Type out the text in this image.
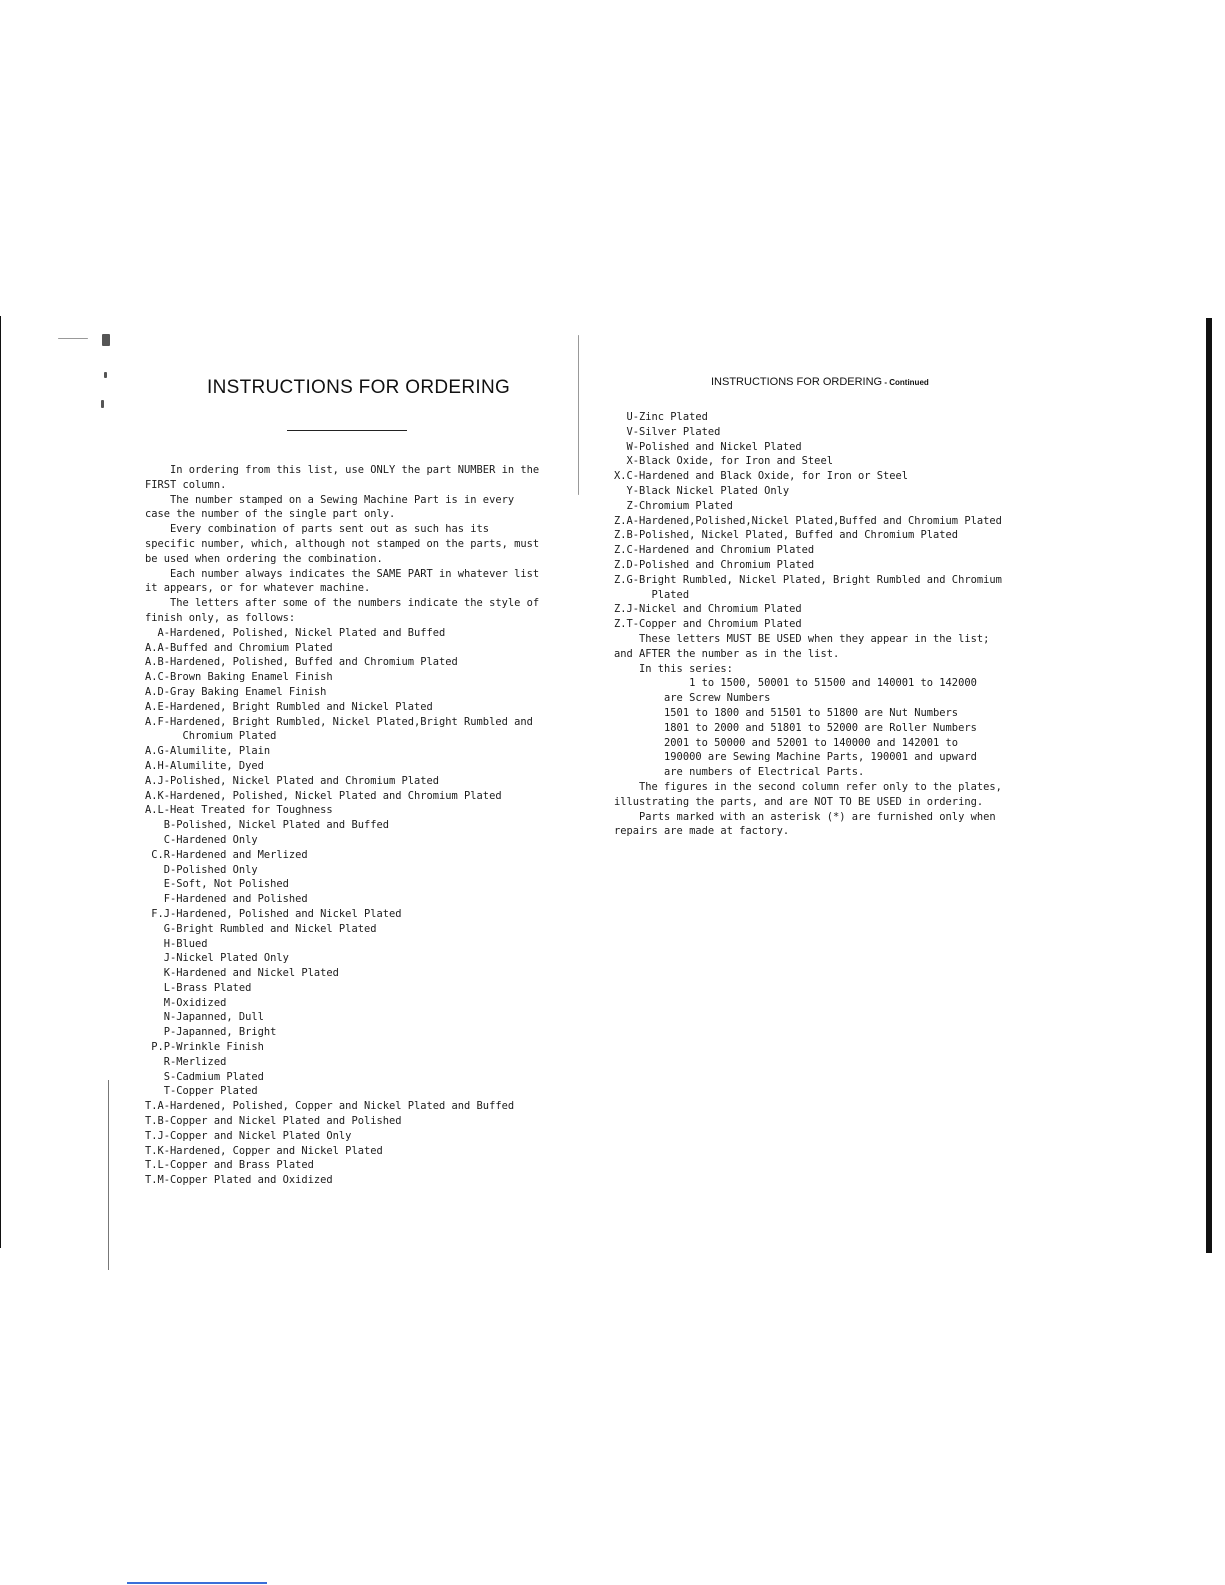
INSTRUCTIONS FOR ORDERING
In ordering from this list, use ONLY the part NUMBER in the
FIRST column.
The number stamped on a Sewing Machine Part is in every
case the number of the single part only.
Every combination of parts sent out as such has its
specific number, which, although not stamped on the parts, must
be used when ordering the combination.
Each number always indicates the SAME PART in whatever list
it appears, or for whatever machine.
The letters after some of the numbers indicate the style of
finish only, as follows:
A-Hardened, Polished, Nickel Plated and Buffed
A.A-Buffed and Chromium Plated
A.B-Hardened, Polished, Buffed and Chromium Plated
A.C-Brown Baking Enamel Finish
A.D-Gray Baking Enamel Finish
A.E-Hardened, Bright Rumbled and Nickel Plated
A.F-Hardened, Bright Rumbled, Nickel Plated,Bright Rumbled and
Chromium Plated
A.G-Alumilite, Plain
A.H-Alumilite, Dyed
A.J-Polished, Nickel Plated and Chromium Plated
A.K-Hardened, Polished, Nickel Plated and Chromium Plated
A.L-Heat Treated for Toughness
B-Polished, Nickel Plated and Buffed
C-Hardened Only
C.R-Hardened and Merlized
D-Polished Only
E-Soft, Not Polished
F-Hardened and Polished
F.J-Hardened, Polished and Nickel Plated
G-Bright Rumbled and Nickel Plated
H-Blued
J-Nickel Plated Only
K-Hardened and Nickel Plated
L-Brass Plated
M-Oxidized
N-Japanned, Dull
P-Japanned, Bright
P.P-Wrinkle Finish
R-Merlized
S-Cadmium Plated
T-Copper Plated
T.A-Hardened, Polished, Copper and Nickel Plated and Buffed
T.B-Copper and Nickel Plated and Polished
T.J-Copper and Nickel Plated Only
T.K-Hardened, Copper and Nickel Plated
T.L-Copper and Brass Plated
T.M-Copper Plated and Oxidized
INSTRUCTIONS FOR ORDERING - Continued
U-Zinc Plated
V-Silver Plated
W-Polished and Nickel Plated
X-Black Oxide, for Iron and Steel
X.C-Hardened and Black Oxide, for Iron or Steel
Y-Black Nickel Plated Only
Z-Chromium Plated
Z.A-Hardened,Polished,Nickel Plated,Buffed and Chromium Plated
Z.B-Polished, Nickel Plated, Buffed and Chromium Plated
Z.C-Hardened and Chromium Plated
Z.D-Polished and Chromium Plated
Z.G-Bright Rumbled, Nickel Plated, Bright Rumbled and Chromium
Plated
Z.J-Nickel and Chromium Plated
Z.T-Copper and Chromium Plated
These letters MUST BE USED when they appear in the list;
and AFTER the number as in the list.
In this series:
1 to 1500, 50001 to 51500 and 140001 to 142000
are Screw Numbers
1501 to 1800 and 51501 to 51800 are Nut Numbers
1801 to 2000 and 51801 to 52000 are Roller Numbers
2001 to 50000 and 52001 to 140000 and 142001 to
190000 are Sewing Machine Parts, 190001 and upward
are numbers of Electrical Parts.
The figures in the second column refer only to the plates,
illustrating the parts, and are NOT TO BE USED in ordering.
Parts marked with an asterisk (*) are furnished only when
repairs are made at factory.
